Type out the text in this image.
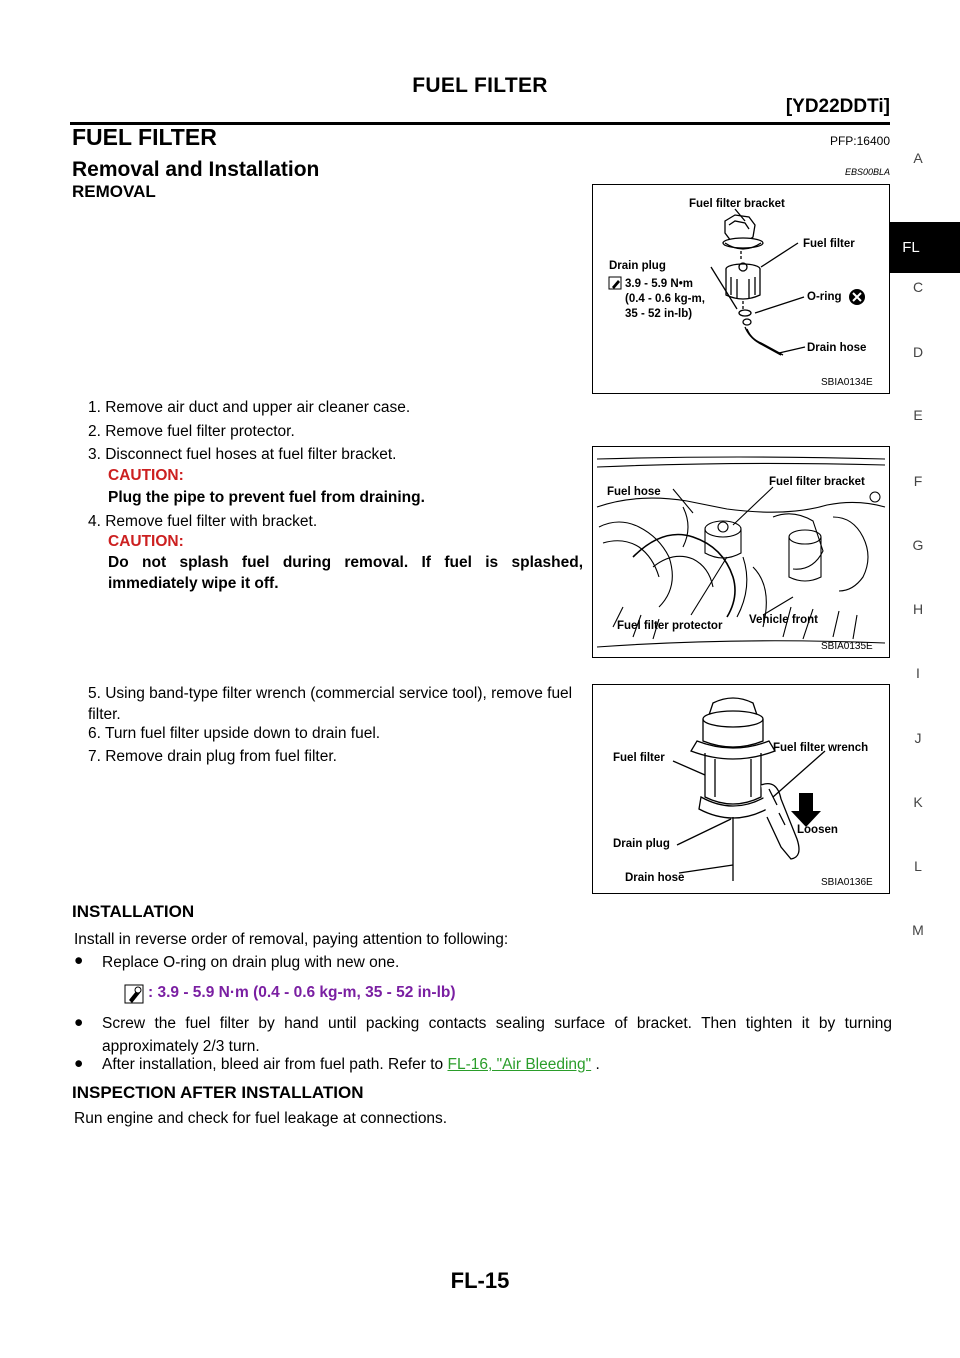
FUEL FILTER
[YD22DDTi]
A
FL
C
D
E
F
G
H
I
J
K
L
M
FUEL FILTER	PFP:16400
Removal and Installation	EBS00BLA
REMOVAL
Fuel filter bracket
Fuel filter
Drain plug
3.9 - 5.9 N•m
(0.4 - 0.6 kg-m,
35 - 52 in-lb)
O-ring
Drain hose
SBIA0134E
1. Remove air duct and upper air cleaner case.
2. Remove fuel filter protector.
3. Disconnect fuel hoses at fuel filter bracket.
CAUTION:
Plug the pipe to prevent fuel from draining.
4. Remove fuel filter with bracket.
CAUTION:
Do not splash fuel during removal. If fuel is splashed, immediately wipe it off.
Fuel hose
Fuel filter bracket
Fuel filter protector Vehicle front
SBIA0135E
5. Using band-type filter wrench (commercial service tool), remove fuel filter.
6. Turn fuel filter upside down to drain fuel.
7. Remove drain plug from fuel filter.	Fuel filter
Fuel filter wrench
Loosen
Drain plug
Drain hose	SBIA0136E
INSTALLATION
Install in reverse order of removal, paying attention to following:
● Replace O-ring on drain plug with new one.
: 3.9 - 5.9 N·m (0.4 - 0.6 kg-m, 35 - 52 in-lb)
● Screw the fuel filter by hand until packing contacts sealing surface of bracket. Then tighten it by turning approximately 2/3 turn.
● After installation, bleed air from fuel path. Refer to FL-16, "Air Bleeding" .
INSPECTION AFTER INSTALLATION
Run engine and check for fuel leakage at connections.
FL-15
